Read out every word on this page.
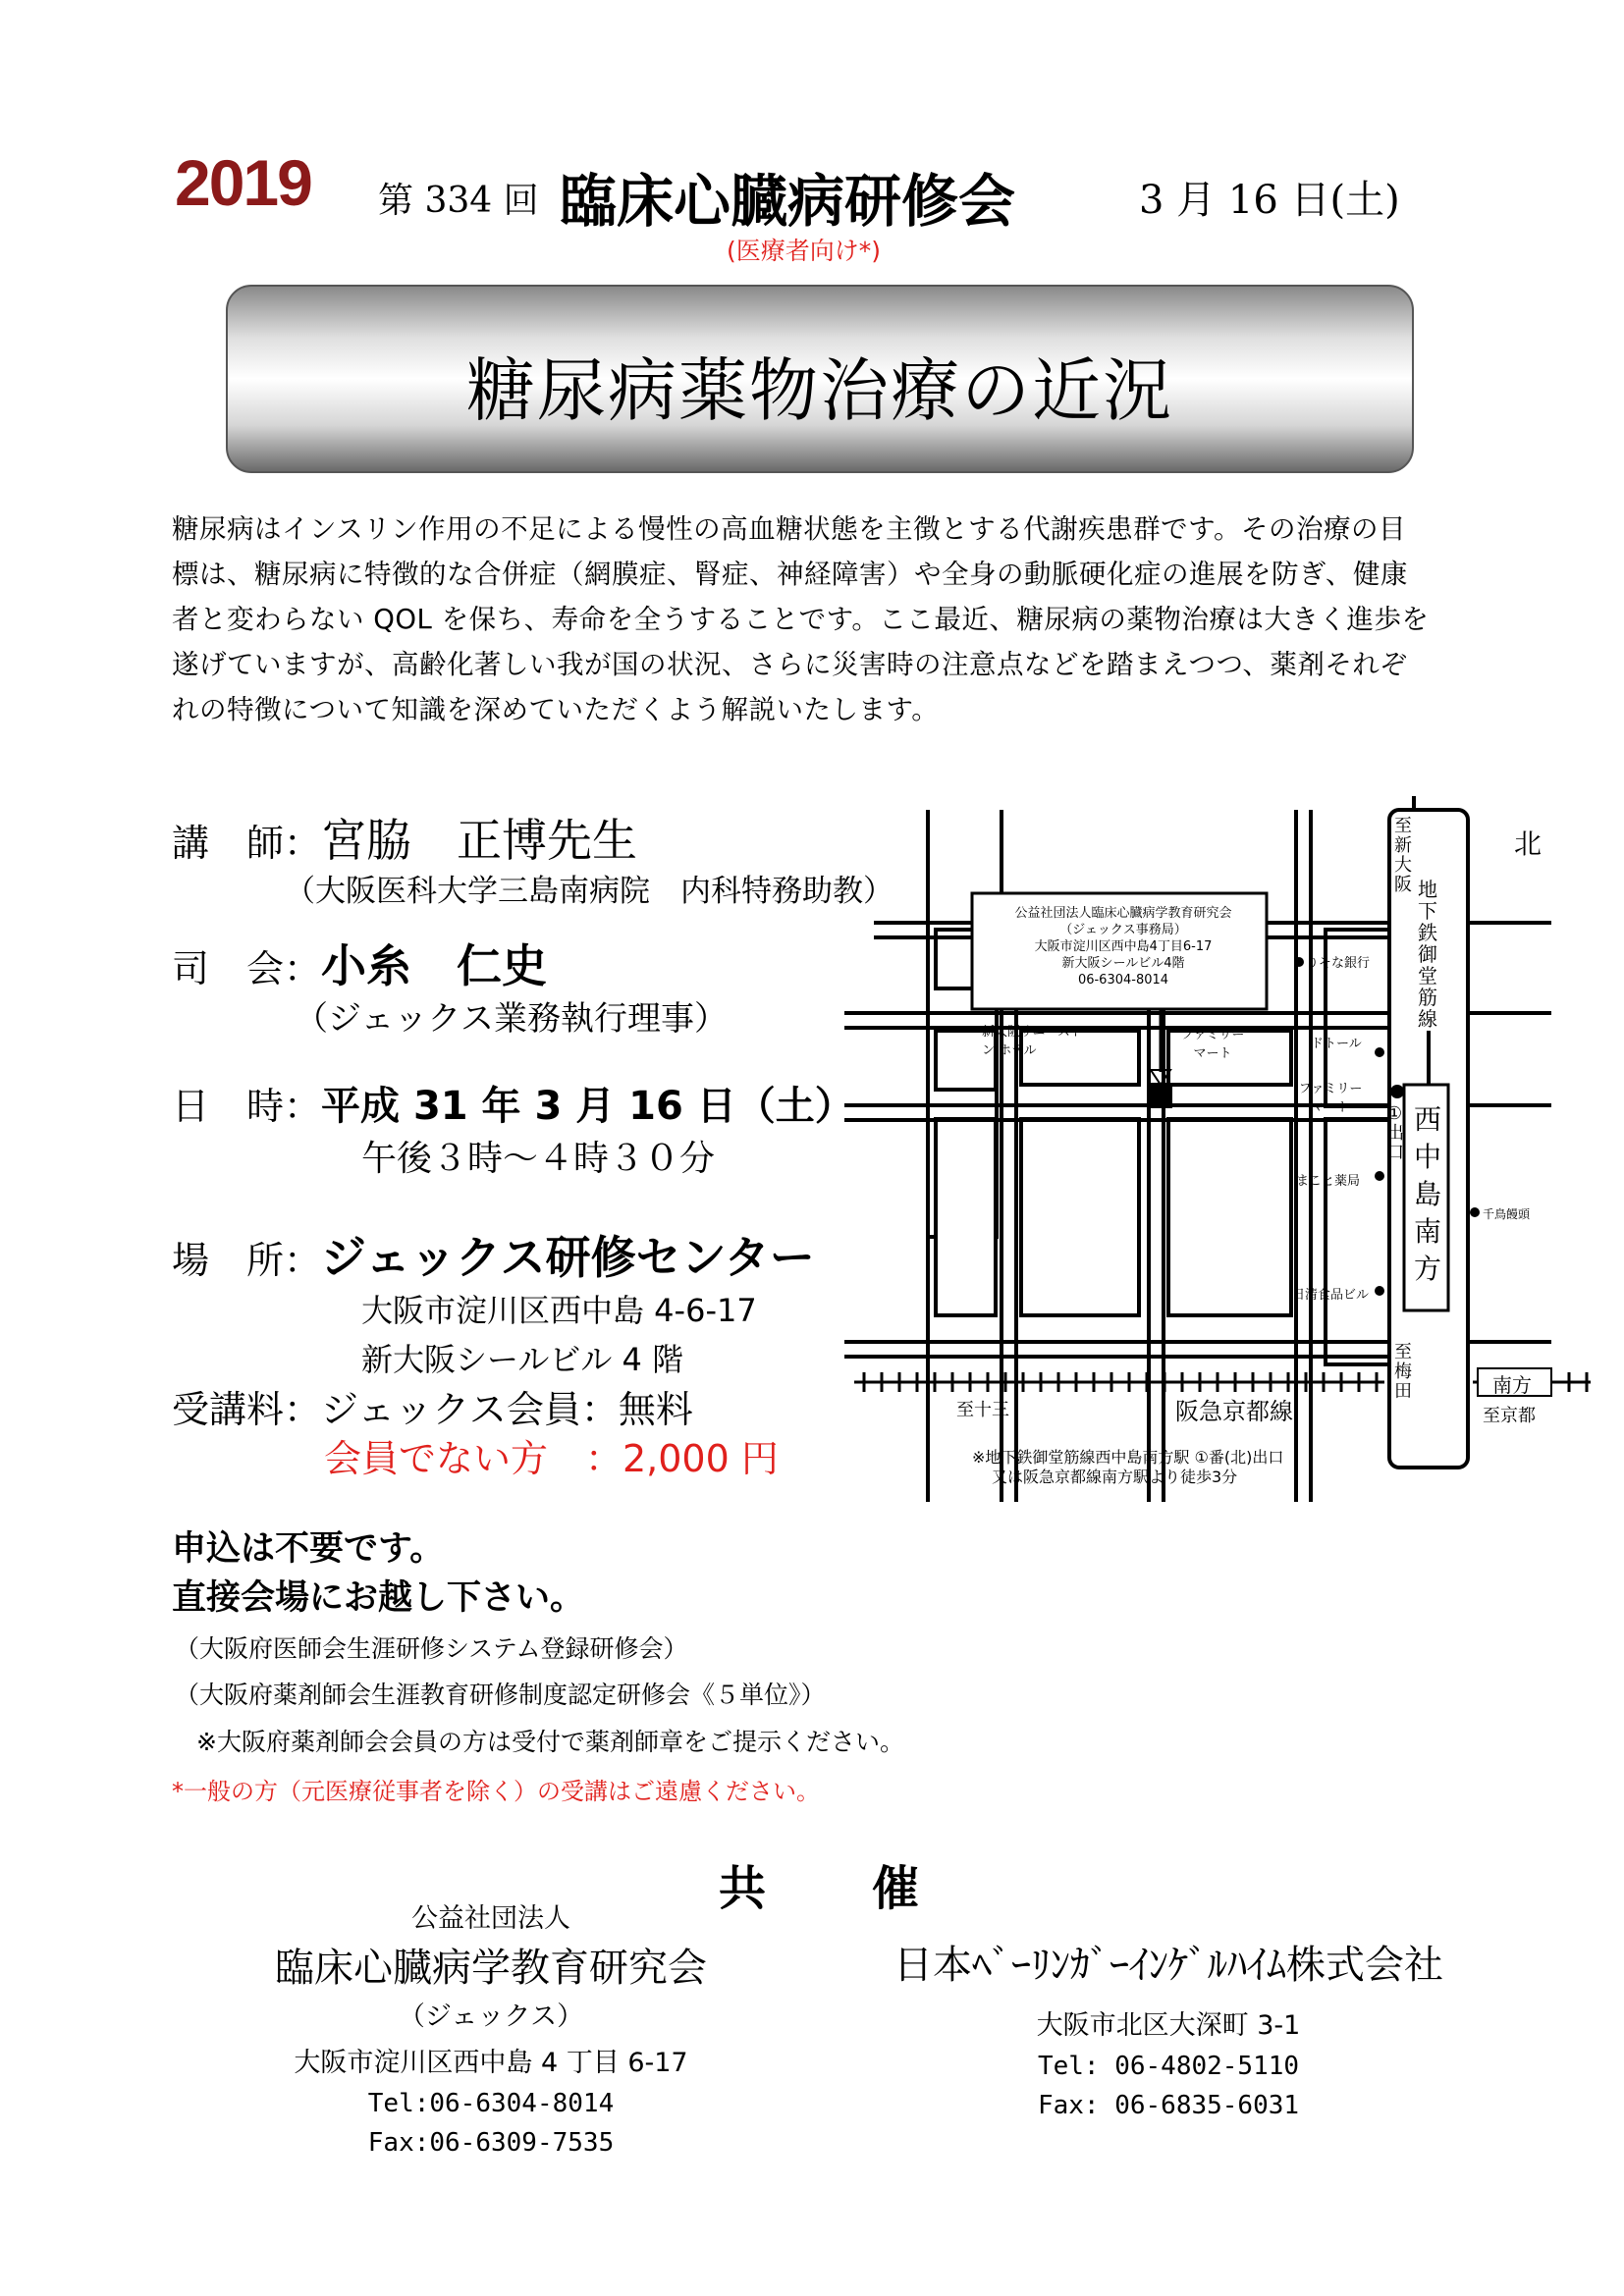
2019 第 334 回 臨床心臓病研修会	3 月 16 日(土)
(医療者向け*)
糖尿病薬物治療の近況
糖尿病はインスリン作用の不足による慢性の高血糖状態を主徴とする代謝疾患群です。その治療の目
標は、糖尿病に特徴的な合併症（網膜症、腎症、神経障害）や全身の動脈硬化症の進展を防ぎ、健康
者と変わらない QOL を保ち、寿命を全うすることです。ここ最近、糖尿病の薬物治療は大きく進歩を
遂げていますが、高齢化著しい我が国の状況、さらに災害時の注意点などを踏まえつつ、薬剤それぞ
れの特徴について知識を深めていただくよう解説いたします。
講　師：宮脇　正博先生
（大阪医科大学三島南病院　内科特務助教）
司　会：小糸　仁史
（ジェックス業務執行理事）
日　時：平成 31 年 3 月 16 日（土）
午後３時～４時３０分
場　所：ジェックス研修センター
大阪市淀川区西中島 4-6-17
新大阪シールビル 4 階
受講料：ジェックス会員：無料
会員でない方　：2,000 円
申込は不要です。
直接会場にお越し下さい。
（大阪府医師会生涯研修システム登録研修会）
（大阪府薬剤師会生涯教育研修制度認定研修会《５単位》）
※大阪府薬剤師会会員の方は受付で薬剤師章をご提示ください。
*一般の方（元医療従事者を除く）の受講はご遠慮ください。
北
公益社団法人臨床心臓病学教育研究会
（ジェックス事務局）
大阪市淀川区西中島4丁目6-17
新大阪シールビル4階
06-6304-8014
りそな銀行
新大阪サニーストン ホテル
ファミリー マート
ドトール
ファミリー マート
まこと薬局
日清食品ビル
千鳥饅頭
至新大阪 地下鉄御堂筋線
①出口
西中島南方
至梅田
至十三	阪急京都線
南方
至京都
※地下鉄御堂筋線西中島南方駅 ①番(北)出口
又は阪急京都線南方駅より徒歩3分
共　催
公益社団法人
臨床心臓病学教育研究会
（ジェックス）
大阪市淀川区西中島 4 丁目 6-17
Tel:06-6304-8014
Fax:06-6309-7535
日本ﾍﾞｰﾘﾝｶﾞｰｲﾝｹﾞﾙﾊｲﾑ株式会社
大阪市北区大深町 3-1
Tel: 06-4802-5110
Fax: 06-6835-6031
